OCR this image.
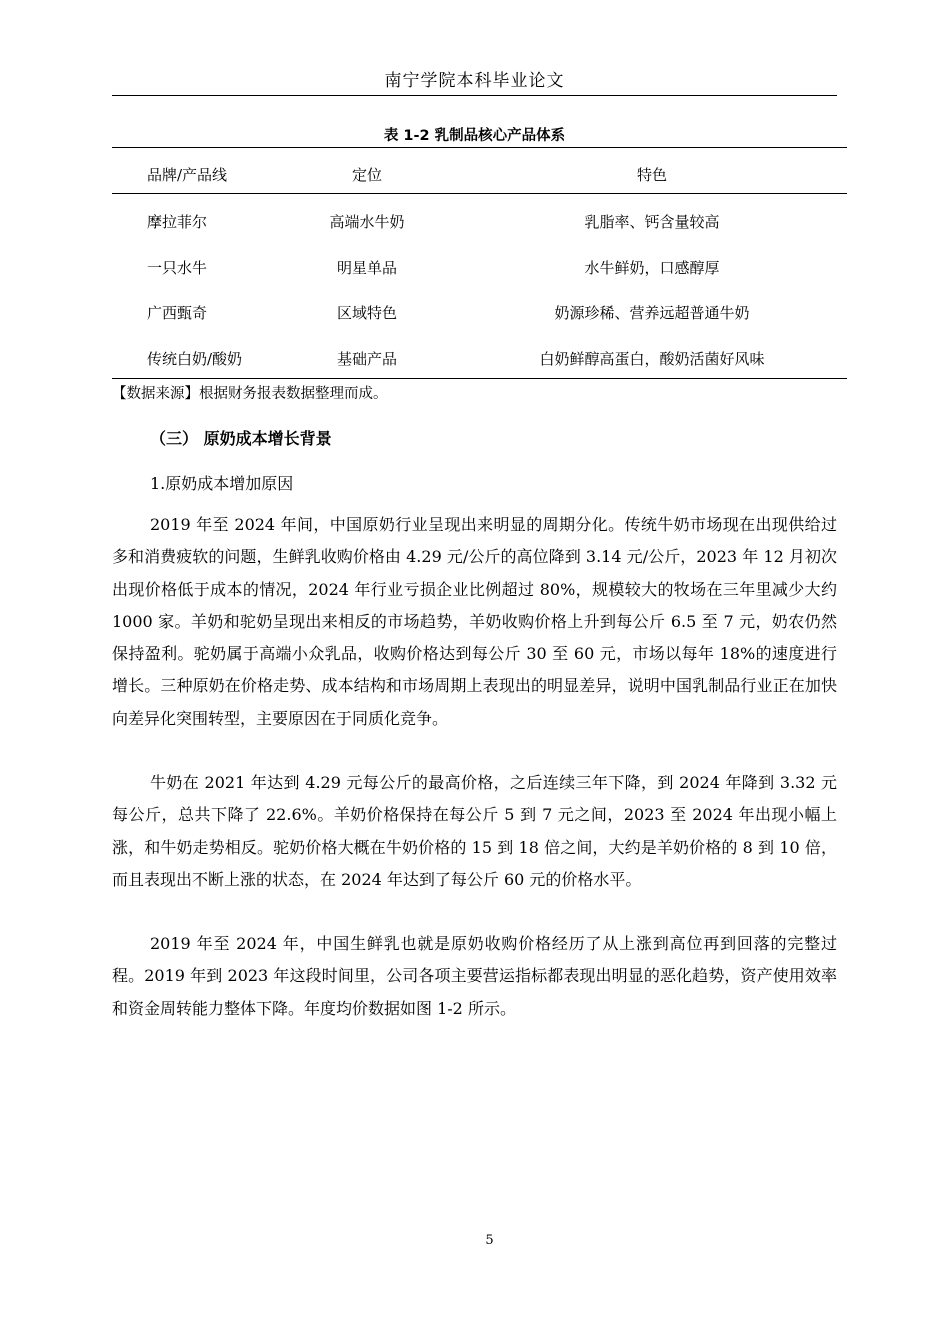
南宁学院本科毕业论文
表 1-2 乳制品核心产品体系
品牌/产品线	定位	特色
摩拉菲尔	高端水牛奶	乳脂率、钙含量较高
一只水牛	明星单品	水牛鲜奶，口感醇厚
广西甄奇	区域特色	奶源珍稀、营养远超普通牛奶
传统白奶/酸奶	基础产品	白奶鲜醇高蛋白，酸奶活菌好风味
【数据来源】根据财务报表数据整理而成。
（三） 原奶成本增长背景
1.原奶成本增加原因

2019 年至 2024 年间，中国原奶行业呈现出来明显的周期分化。传统牛奶市场现在出现供给过多和消费疲软的问题，生鲜乳收购价格由 4.29 元/公斤的高位降到 3.14 元/公斤，2023 年 12 月初次出现价格低于成本的情况，2024 年行业亏损企业比例超过 80%，规模较大的牧场在三年里减少大约 1000 家。羊奶和驼奶呈现出来相反的市场趋势，羊奶收购价格上升到每公斤 6.5 至 7 元，奶农仍然保持盈利。驼奶属于高端小众乳品，收购价格达到每公斤 30 至 60 元，市场以每年 18%的速度进行增长。三种原奶在价格走势、成本结构和市场周期上表现出的明显差异，说明中国乳制品行业正在加快向差异化突围转型，主要原因在于同质化竞争。

牛奶在 2021 年达到 4.29 元每公斤的最高价格，之后连续三年下降，到 2024 年降到 3.32 元每公斤，总共下降了 22.6%。羊奶价格保持在每公斤 5 到 7 元之间，2023 至 2024 年出现小幅上涨，和牛奶走势相反。驼奶价格大概在牛奶价格的 15 到 18 倍之间，大约是羊奶价格的 8 到 10 倍，而且表现出不断上涨的状态，在 2024 年达到了每公斤 60 元的价格水平。

2019 年至 2024 年，中国生鲜乳也就是原奶收购价格经历了从上涨到高位再到回落的完整过程。2019 年到 2023 年这段时间里，公司各项主要营运指标都表现出明显的恶化趋势，资产使用效率和资金周转能力整体下降。年度均价数据如图 1-2 所示。

5
